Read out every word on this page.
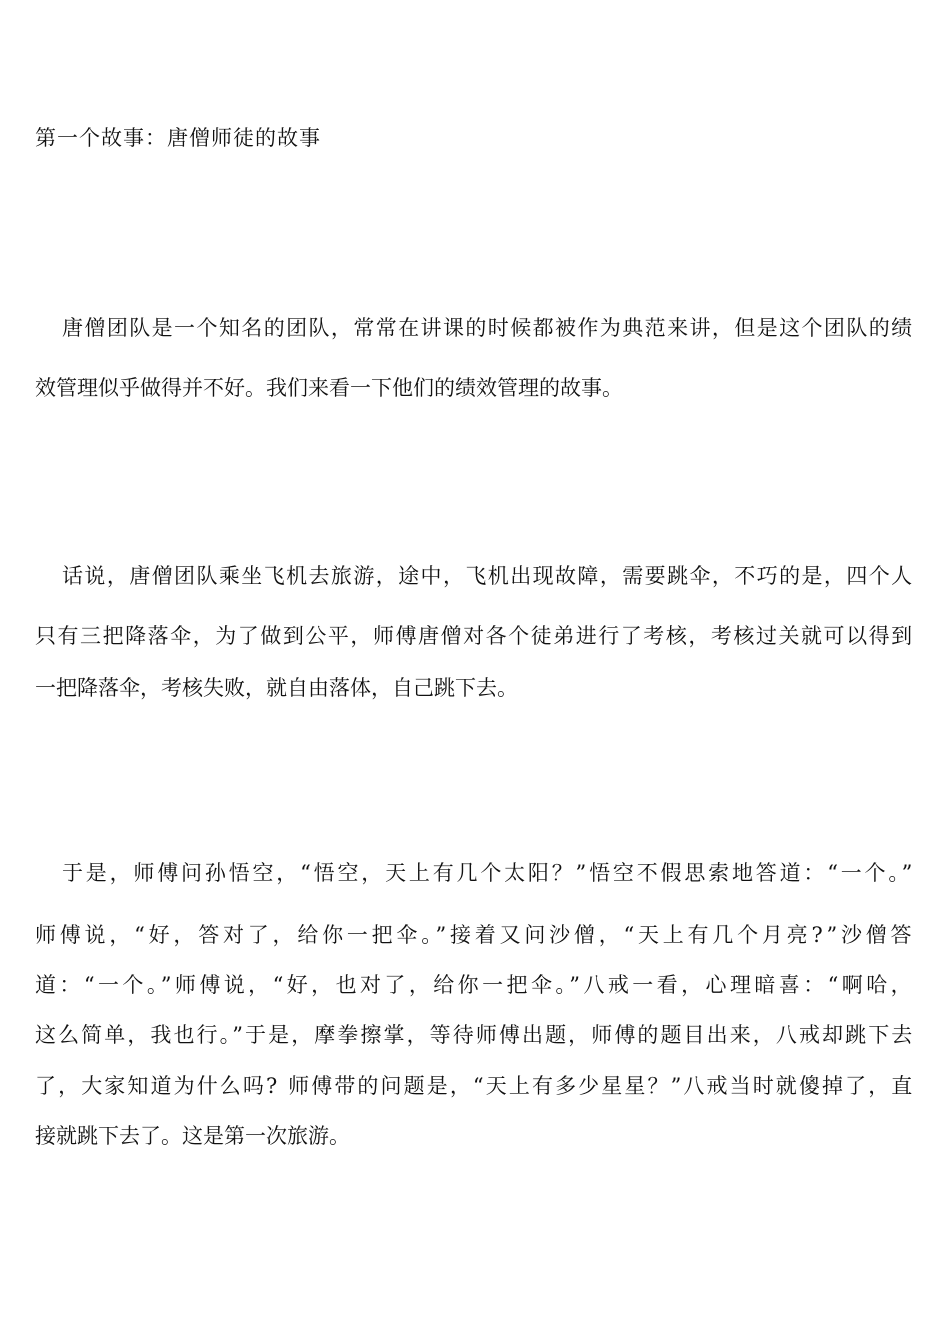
第一个故事：唐僧师徒的故事
唐僧团队是一个知名的团队，常常在讲课的时候都被作为典范来讲，但是这个团队的绩
效管理似乎做得并不好。我们来看一下他们的绩效管理的故事。
话说，唐僧团队乘坐飞机去旅游，途中，飞机出现故障，需要跳伞，不巧的是，四个人
只有三把降落伞，为了做到公平，师傅唐僧对各个徒弟进行了考核，考核过关就可以得到
一把降落伞，考核失败，就自由落体，自己跳下去。
于是，师傅问孙悟空，“悟空，天上有几个太阳？”悟空不假思索地答道：“一个。”
师傅说，“好，答对了，给你一把伞。”接着又问沙僧，“天上有几个月亮?”沙僧答
道：“一个。”师傅说，“好，也对了，给你一把伞。”八戒一看，心理暗喜：“啊哈，
这么简单，我也行。”于是，摩拳擦掌，等待师傅出题，师傅的题目出来，八戒却跳下去
了，大家知道为什么吗? 师傅带的问题是，“天上有多少星星？”八戒当时就傻掉了，直
接就跳下去了。这是第一次旅游。
